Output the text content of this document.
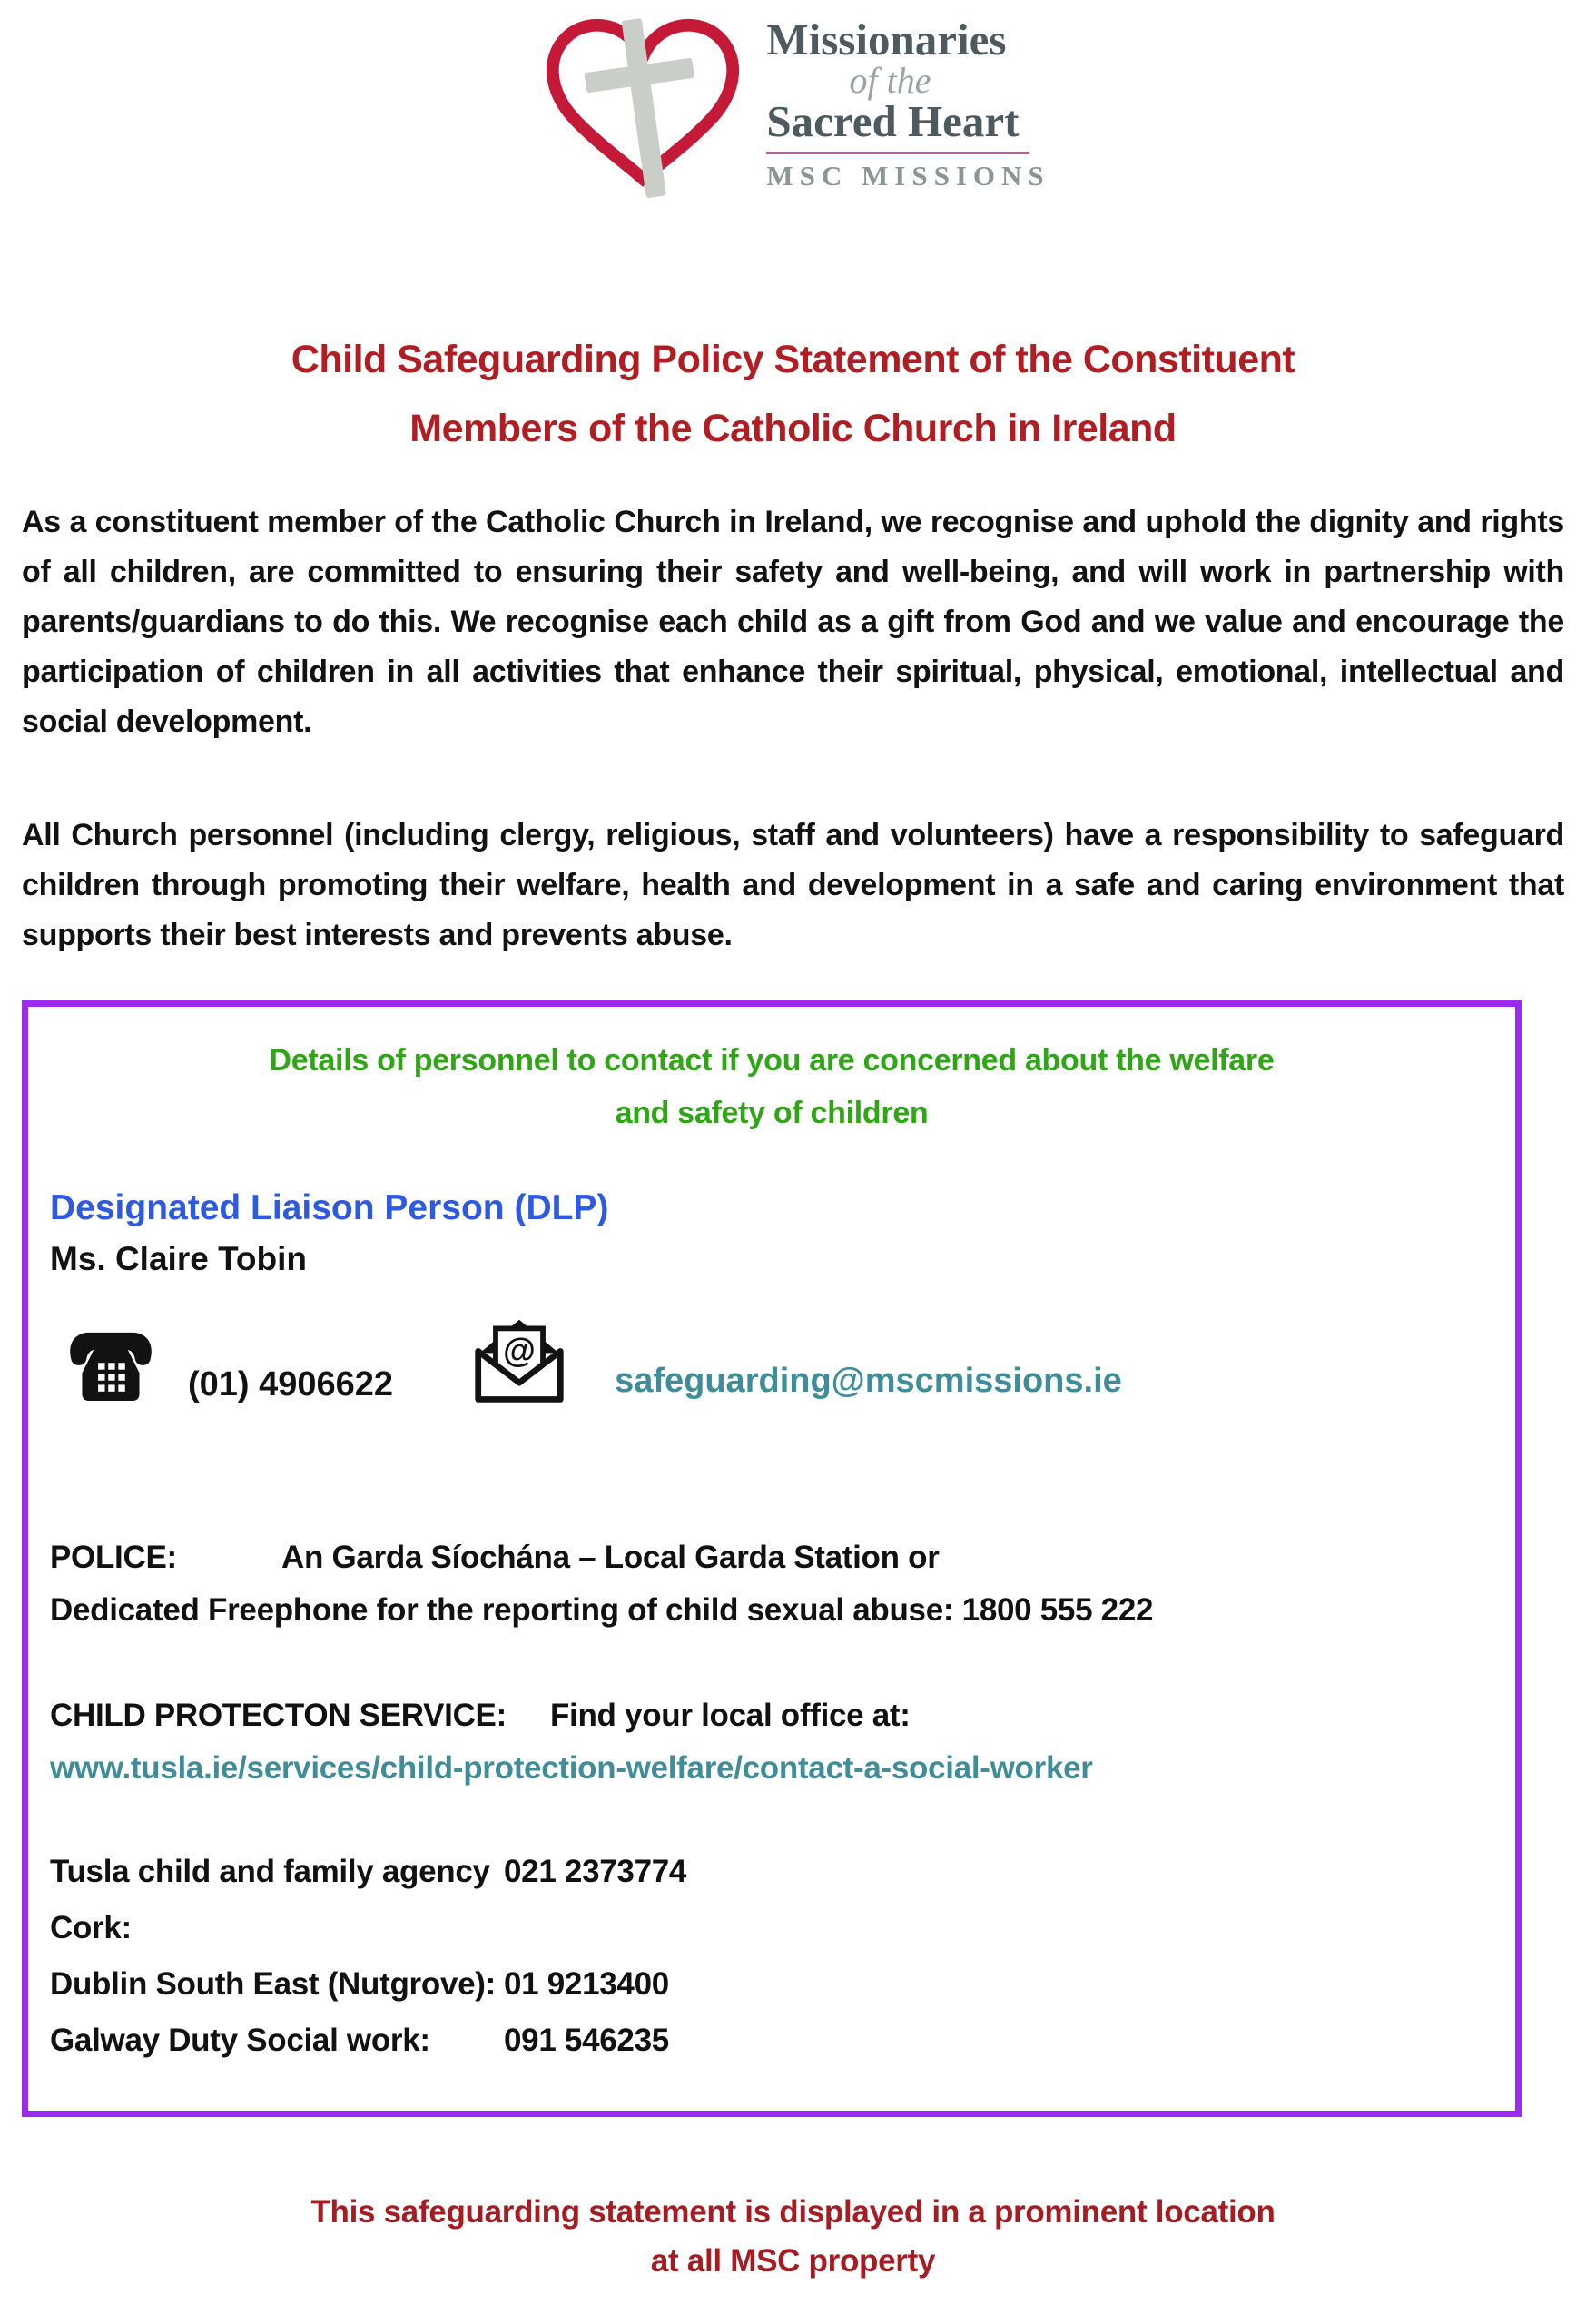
Missionaries
of the
Sacred Heart
MSC MISSIONS
Child Safeguarding Policy Statement of the Constituent
Members of the Catholic Church in Ireland

As a constituent member of the Catholic Church in Ireland, we recognise and uphold the dignity and rights of all children, are committed to ensuring their safety and well-being, and will work in partnership with parents/guardians to do this. We recognise each child as a gift from God and we value and encourage the participation of children in all activities that enhance their spiritual, physical, emotional, intellectual and social development.

All Church personnel (including clergy, religious, staff and volunteers) have a responsibility to safeguard children through promoting their welfare, health and development in a safe and caring environment that supports their best interests and prevents abuse.

Details of personnel to contact if you are concerned about the welfare and safety of children
Designated Liaison Person (DLP)
Ms. Claire Tobin
(01) 4906622
@
safeguarding@mscmissions.ie
POLICE:	An Garda Síochána – Local Garda Station or
Dedicated Freephone for the reporting of child sexual abuse: 1800 555 222
CHILD PROTECTON SERVICE: Find your local office at:
www.tusla.ie/services/child-protection-welfare/contact-a-social-worker
Tusla child and family agency Cork:
021 2373774
Dublin South East (Nutgrove): 01 9213400
Galway Duty Social work:	091 546235
This safeguarding statement is displayed in a prominent location
at all MSC property
